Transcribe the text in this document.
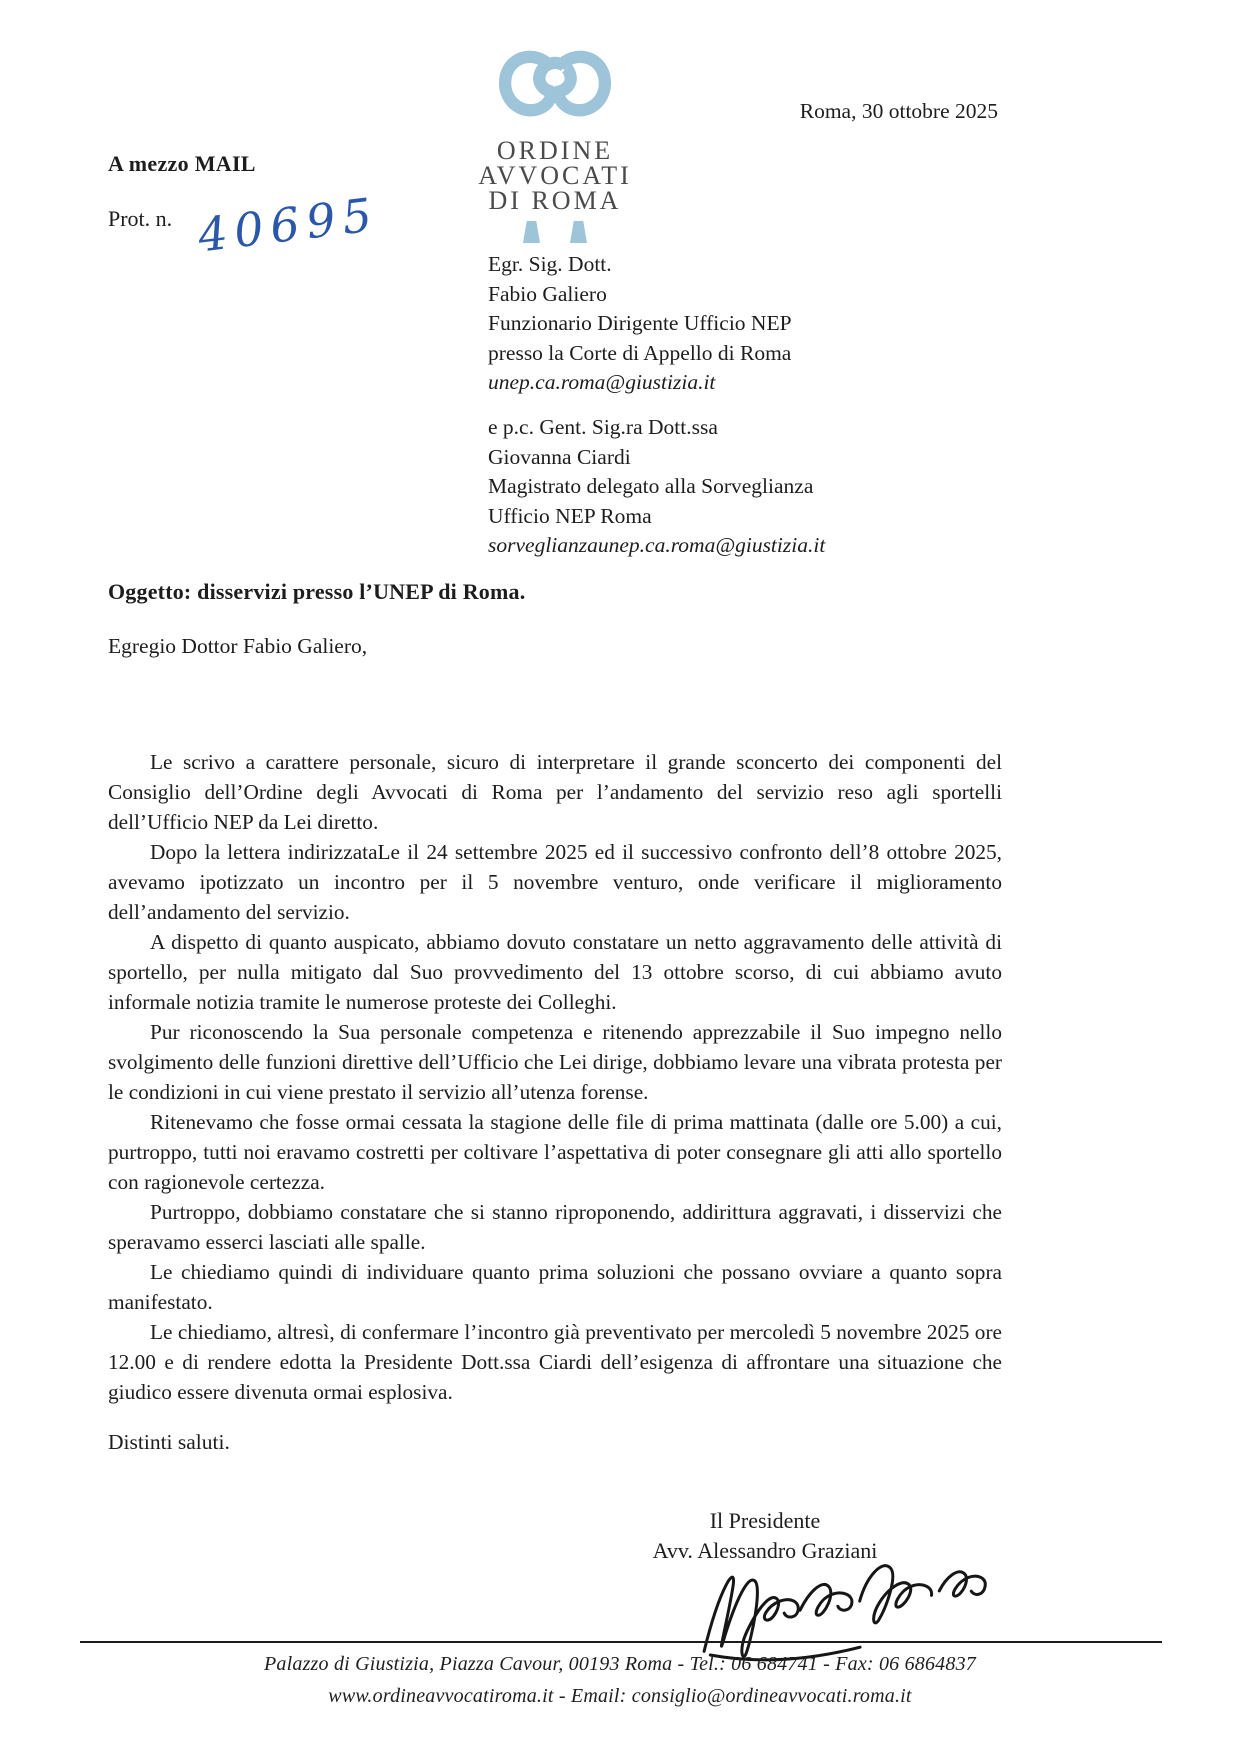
ORDINE
AVVOCATI
DI ROMA

Roma, 30 ottobre 2025
A mezzo MAIL
Prot. n. 40695
Egr. Sig. Dott.
Fabio Galiero
Funzionario Dirigente Ufficio NEP
presso la Corte di Appello di Roma
unep.ca.roma@giustizia.it
e p.c. Gent. Sig.ra Dott.ssa
Giovanna Ciardi
Magistrato delegato alla Sorveglianza
Ufficio NEP Roma
sorveglianzaunep.ca.roma@giustizia.it
Oggetto: disservizi presso l’UNEP di Roma.
Egregio Dottor Fabio Galiero,

Le scrivo a carattere personale, sicuro di interpretare il grande sconcerto dei componenti del Consiglio dell’Ordine degli Avvocati di Roma per l’andamento del servizio reso agli sportelli dell’Ufficio NEP da Lei diretto.

Dopo la lettera indirizzataLe il 24 settembre 2025 ed il successivo confronto dell’8 ottobre 2025, avevamo ipotizzato un incontro per il 5 novembre venturo, onde verificare il miglioramento dell’andamento del servizio.

A dispetto di quanto auspicato, abbiamo dovuto constatare un netto aggravamento delle attività di sportello, per nulla mitigato dal Suo provvedimento del 13 ottobre scorso, di cui abbiamo avuto informale notizia tramite le numerose proteste dei Colleghi.

Pur riconoscendo la Sua personale competenza e ritenendo apprezzabile il Suo impegno nello svolgimento delle funzioni direttive dell’Ufficio che Lei dirige, dobbiamo levare una vibrata protesta per le condizioni in cui viene prestato il servizio all’utenza forense.

Ritenevamo che fosse ormai cessata la stagione delle file di prima mattinata (dalle ore 5.00) a cui, purtroppo, tutti noi eravamo costretti per coltivare l’aspettativa di poter consegnare gli atti allo sportello con ragionevole certezza.

Purtroppo, dobbiamo constatare che si stanno riproponendo, addirittura aggravati, i disservizi che speravamo esserci lasciati alle spalle.

Le chiediamo quindi di individuare quanto prima soluzioni che possano ovviare a quanto sopra manifestato.

Le chiediamo, altresì, di confermare l’incontro già preventivato per mercoledì 5 novembre 2025 ore 12.00 e di rendere edotta la Presidente Dott.ssa Ciardi dell’esigenza di affrontare una situazione che giudico essere divenuta ormai esplosiva.

Distinti saluti.
Il Presidente
Avv. Alessandro Graziani
Palazzo di Giustizia, Piazza Cavour, 00193 Roma - Tel.: 06 684741 - Fax: 06 6864837
www.ordineavvocatiroma.it - Email: consiglio@ordineavvocati.roma.it
